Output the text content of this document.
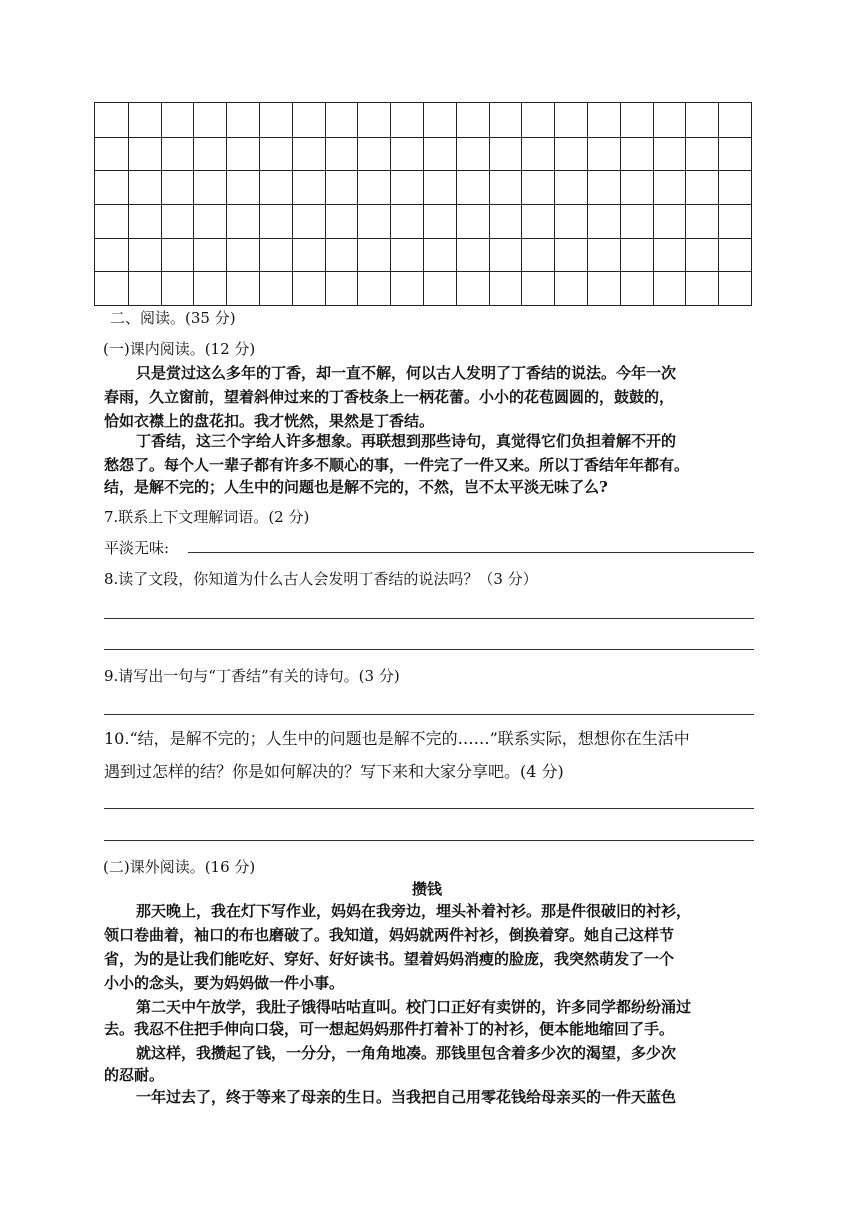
二、阅读。(35 分)
(一)课内阅读。(12 分)
只是赏过这么多年的丁香，却一直不解，何以古人发明了丁香结的说法。今年一次
春雨，久立窗前，望着斜伸过来的丁香枝条上一柄花蕾。小小的花苞圆圆的，鼓鼓的，
恰如衣襟上的盘花扣。我才恍然，果然是丁香结。
丁香结，这三个字给人许多想象。再联想到那些诗句，真觉得它们负担着解不开的
愁怨了。每个人一辈子都有许多不顺心的事，一件完了一件又来。所以丁香结年年都有。
结，是解不完的；人生中的问题也是解不完的，不然，岂不太平淡无味了么?
7.联系上下文理解词语。(2 分)
平淡无味:
8.读了文段，你知道为什么古人会发明丁香结的说法吗？（3 分）
9.请写出一句与“丁香结”有关的诗句。(3 分)
10.“结，是解不完的；人生中的问题也是解不完的……”联系实际，想想你在生活中
遇到过怎样的结？你是如何解决的？写下来和大家分享吧。(4 分)
(二)课外阅读。(16 分)
攒钱
那天晚上，我在灯下写作业，妈妈在我旁边，埋头补着衬衫。那是件很破旧的衬衫，
领口卷曲着，袖口的布也磨破了。我知道，妈妈就两件衬衫，倒换着穿。她自己这样节
省，为的是让我们能吃好、穿好、好好读书。望着妈妈消瘦的脸庞，我突然萌发了一个
小小的念头，要为妈妈做一件小事。
第二天中午放学，我肚子饿得咕咕直叫。校门口正好有卖饼的，许多同学都纷纷涌过
去。我忍不住把手伸向口袋，可一想起妈妈那件打着补丁的衬衫，便本能地缩回了手。
就这样，我攒起了钱，一分分，一角角地凑。那钱里包含着多少次的渴望，多少次
的忍耐。
一年过去了，终于等来了母亲的生日。当我把自己用零花钱给母亲买的一件天蓝色
